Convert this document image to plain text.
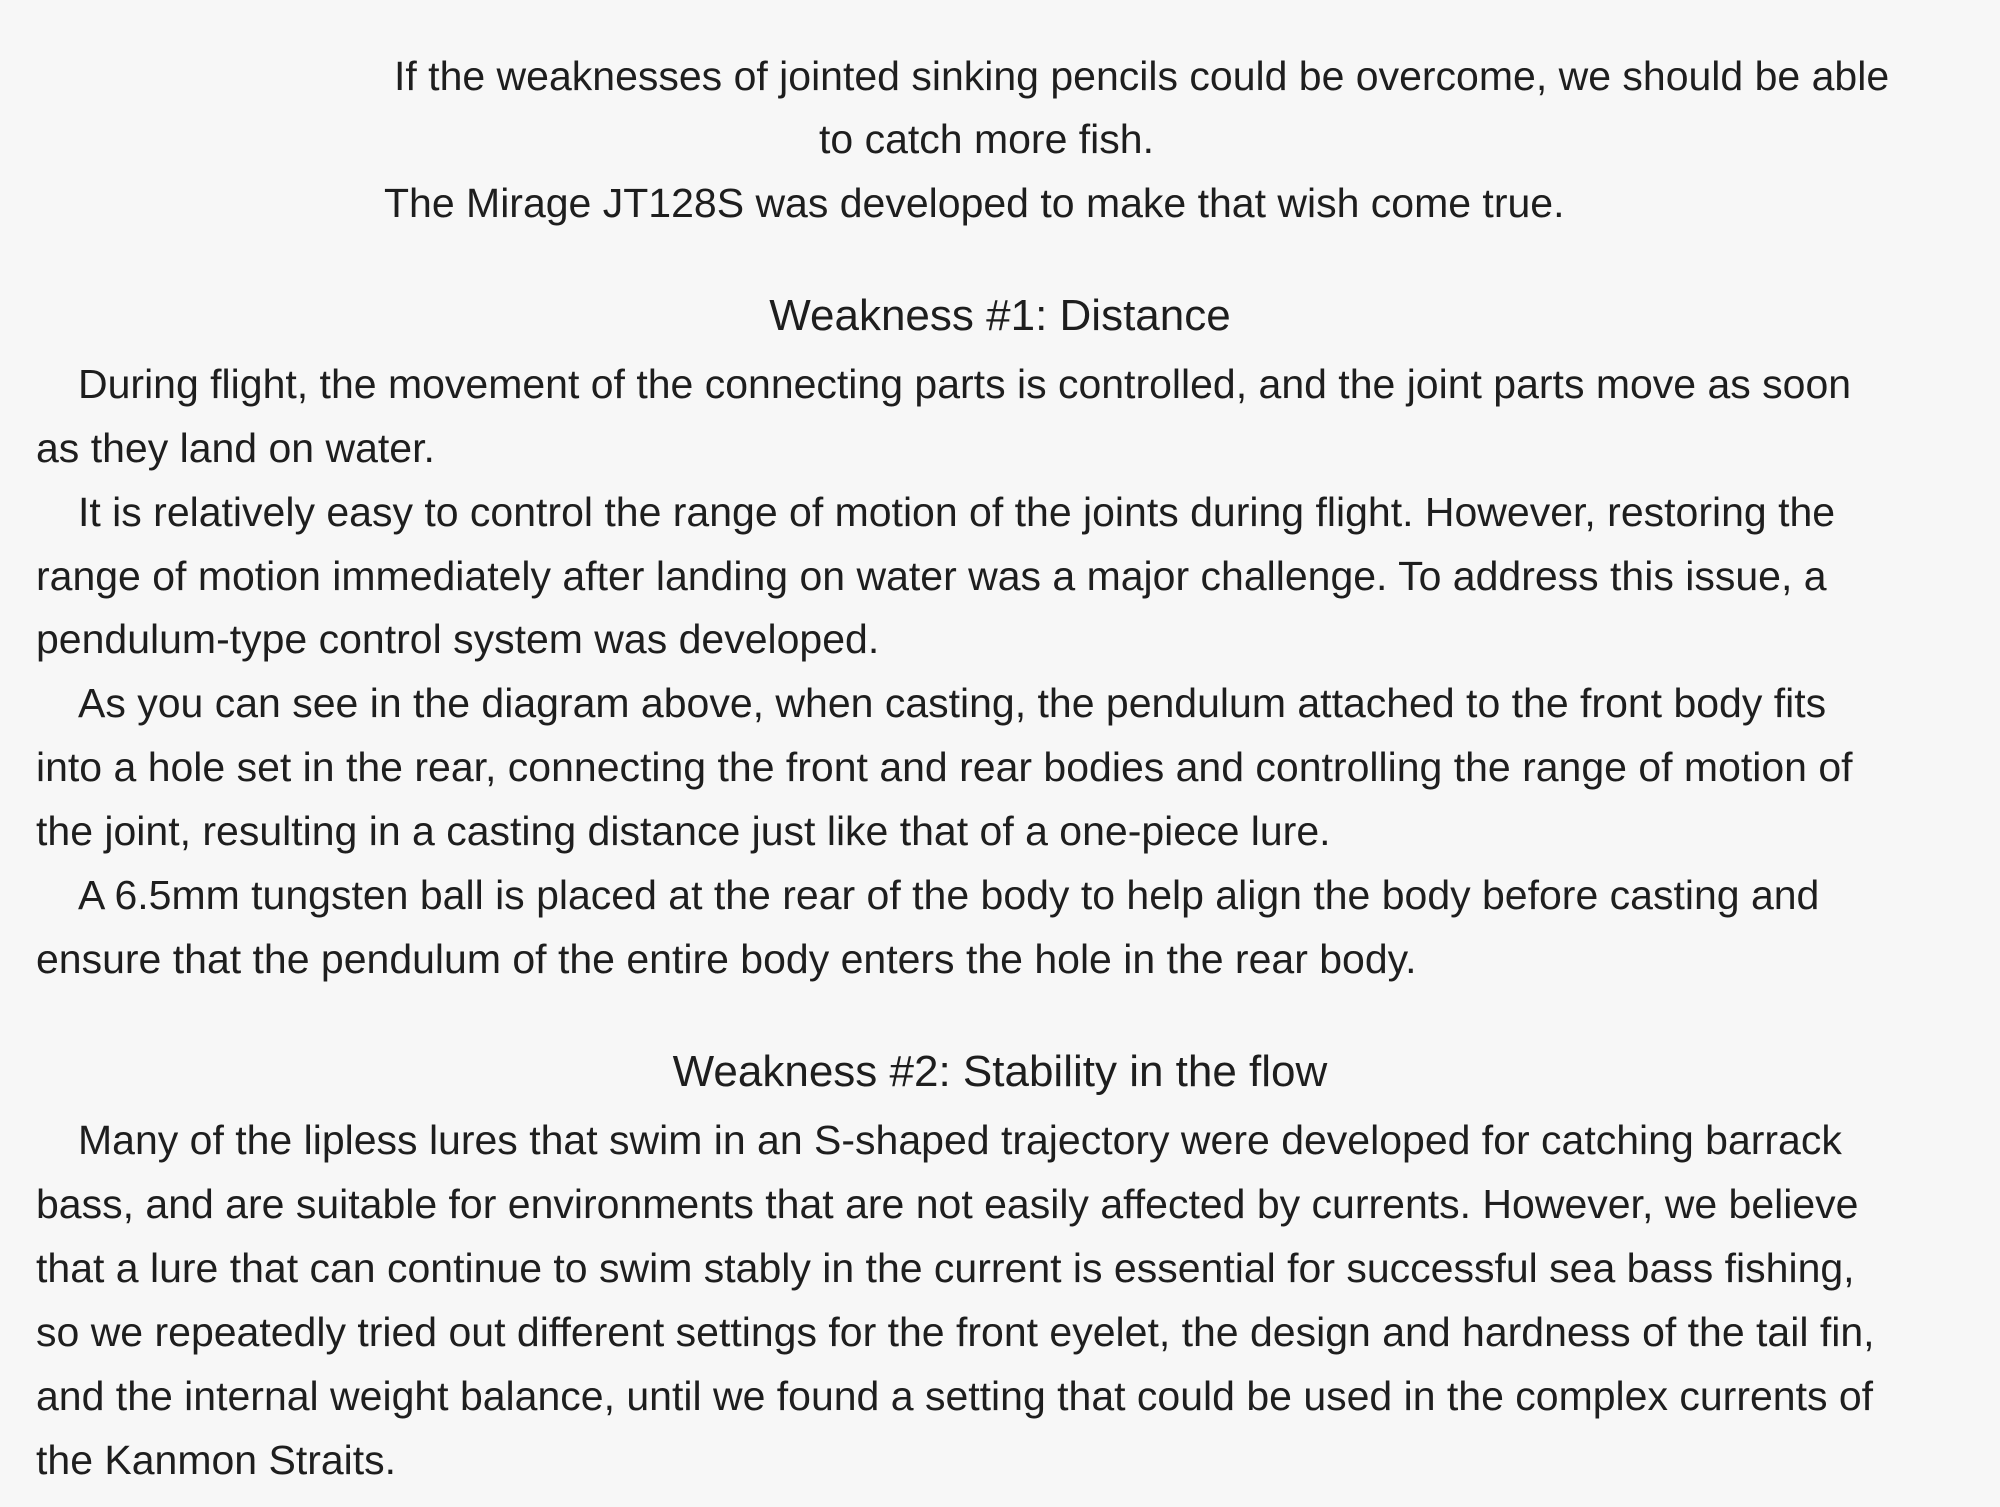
If the weaknesses of jointed sinking pencils could be overcome, we should be able

to catch more fish.

The Mirage JT128S was developed to make that wish come true.

Weakness #1: Distance

During flight, the movement of the connecting parts is controlled, and the joint parts move as soon

as they land on water.

It is relatively easy to control the range of motion of the joints during flight. However, restoring the

range of motion immediately after landing on water was a major challenge. To address this issue, a

pendulum-type control system was developed.

As you can see in the diagram above, when casting, the pendulum attached to the front body fits

into a hole set in the rear, connecting the front and rear bodies and controlling the range of motion of

the joint, resulting in a casting distance just like that of a one-piece lure.

A 6.5mm tungsten ball is placed at the rear of the body to help align the body before casting and

ensure that the pendulum of the entire body enters the hole in the rear body.

Weakness #2: Stability in the flow

Many of the lipless lures that swim in an S-shaped trajectory were developed for catching barrack

bass, and are suitable for environments that are not easily affected by currents. However, we believe

that a lure that can continue to swim stably in the current is essential for successful sea bass fishing,

so we repeatedly tried out different settings for the front eyelet, the design and hardness of the tail fin,

and the internal weight balance, until we found a setting that could be used in the complex currents of

the Kanmon Straits.
